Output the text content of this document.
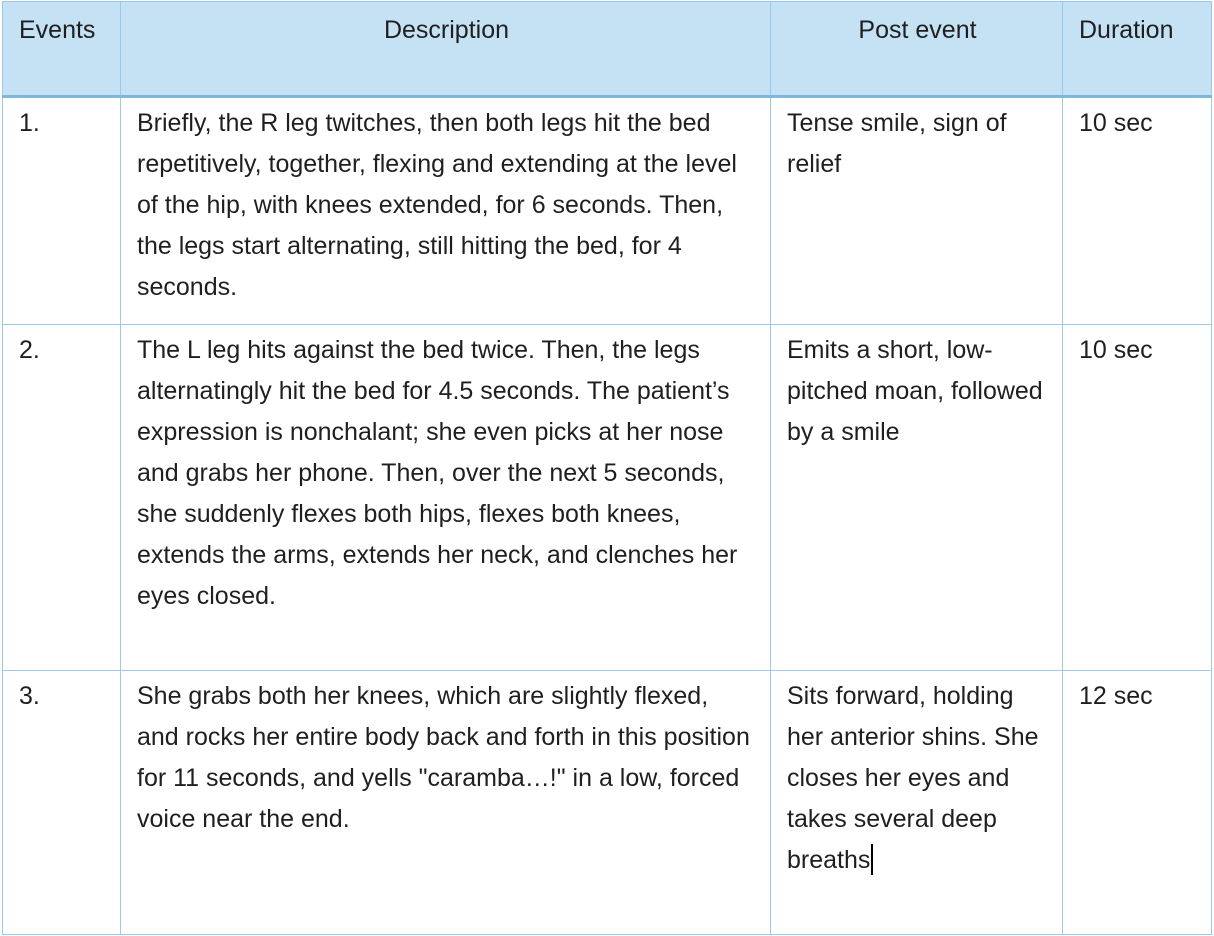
Events	Description	Post event	Duration
1.	Briefly, the R leg twitches, then both legs hit the bed repetitively, together, flexing and extending at the level of the hip, with knees extended, for 6 seconds. Then, the legs start alternating, still hitting the bed, for 4 seconds.	Tense smile, sign of relief	10 sec
2.	The L leg hits against the bed twice. Then, the legs alternatingly hit the bed for 4.5 seconds. The patient’s expression is nonchalant; she even picks at her nose and grabs her phone. Then, over the next 5 seconds, she suddenly flexes both hips, flexes both knees, extends the arms, extends her neck, and clenches her eyes closed.	Emits a short, low-pitched moan, followed by a smile	10 sec
3.	She grabs both her knees, which are slightly flexed, and rocks her entire body back and forth in this position for 11 seconds, and yells "caramba…!" in a low, forced voice near the end.	Sits forward, holding her anterior shins. She closes her eyes and takes several deep breaths	12 sec
